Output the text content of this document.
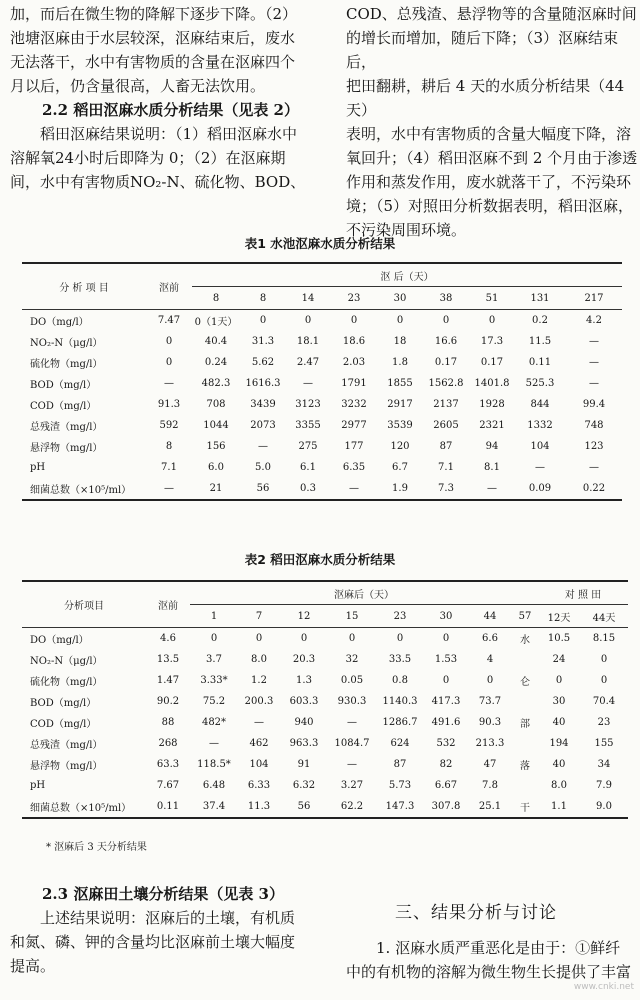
加，而后在微生物的降解下逐步下降。（2）

池塘沤麻由于水层较深，沤麻结束后，废水

无法落干，水中有害物质的含量在沤麻四个

月以后，仍含量很高，人畜无法饮用。

2.2 稻田沤麻水质分析结果（见表 2）

稻田沤麻结果说明：（1）稻田沤麻水中

溶解氧24小时后即降为 0；（2）在沤麻期

间，水中有害物质NO₂-N、硫化物、BOD、

COD、总残渣、悬浮物等的含量随沤麻时间

的增长而增加，随后下降；（3）沤麻结束后，

把田翻耕，耕后 4 天的水质分析结果（44天）

表明，水中有害物质的含量大幅度下降，溶

氧回升；（4）稻田沤麻不到 2 个月由于渗透

作用和蒸发作用，废水就落干了，不污染环

境；（5）对照田分析数据表明，稻田沤麻，

不污染周围环境。

表1 水池沤麻水质分析结果
分 析 项 目	沤前	沤 后（天）								
		8	8	14	23	30	38	51	131	217
DO（mg/l）	7.47	0（1天）	0	0	0	0	0	0	0.2	4.2
NO₂-N（μg/l）	0	40.4	31.3	18.1	18.6	18	16.6	17.3	11.5	—
硫化物（mg/l）	0	0.24	5.62	2.47	2.03	1.8	0.17	0.17	0.11	—
BOD（mg/l）	—	482.3	1616.3	—	1791	1855	1562.8	1401.8	525.3	—
COD（mg/l）	91.3	708	3439	3123	3232	2917	2137	1928	844	99.4
总残渣（mg/l）	592	1044	2073	3355	2977	3539	2605	2321	1332	748
悬浮物（mg/l）	8	156	—	275	177	120	87	94	104	123
pH	7.1	6.0	5.0	6.1	6.35	6.7	7.1	8.1	—	—
细菌总数（×10⁵/ml）	—	21	56	0.3	—	1.9	7.3	—	0.09	0.22
表2 稻田沤麻水质分析结果
分析项目	沤前	沤麻后（天）								对 照 田	
		1	7	12	15	23	30	44	57	12天	44天
DO（mg/l）	4.6	0	0	0	0	0	0	6.6	水	10.5	8.15
NO₂-N（μg/l）	13.5	3.7	8.0	20.3	32	33.5	1.53	4		24	0
硫化物（mg/l）	1.47	3.33*	1.2	1.3	0.05	0.8	0	0	仑	0	0
BOD（mg/l）	90.2	75.2	200.3	603.3	930.3	1140.3	417.3	73.7		30	70.4
COD（mg/l）	88	482*	—	940	—	1286.7	491.6	90.3	部	40	23
总残渣（mg/l）	268	—	462	963.3	1084.7	624	532	213.3		194	155
悬浮物（mg/l）	63.3	118.5*	104	91	—	87	82	47	落	40	34
pH	7.67	6.48	6.33	6.32	3.27	5.73	6.67	7.8		8.0	7.9
细菌总数（×10⁵/ml）	0.11	37.4	11.3	56	62.2	147.3	307.8	25.1	干	1.1	9.0
* 沤麻后 3 天分析结果

2.3 沤麻田土壤分析结果（见表 3）

上述结果说明：沤麻后的土壤，有机质

和氮、磷、钾的含量均比沤麻前土壤大幅度

提高。

三、结果分析与讨论

1. 沤麻水质严重恶化是由于：①鲜纤

中的有机物的溶解为微生物生长提供了丰富

www.cnki.net
